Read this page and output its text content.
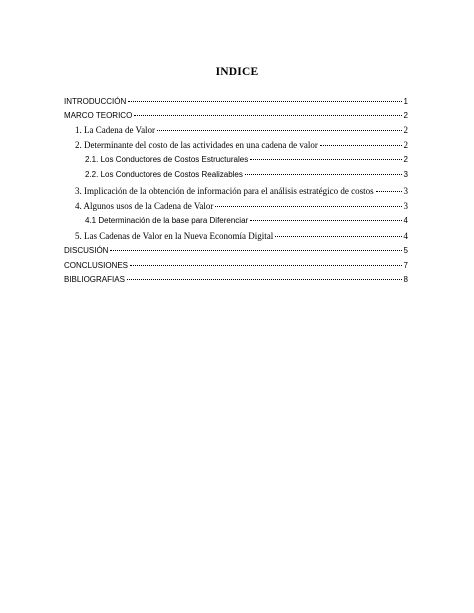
INDICE
INTRODUCCIÓN	1
MARCO TEORICO	2
1. La Cadena de Valor	2
2. Determinante del costo de las actividades en una cadena de valor	2
2.1. Los Conductores de Costos Estructurales	2
2.2. Los Conductores de Costos Realizables	3
3. Implicación de la obtención de información para el análisis estratégico de costos	3
4. Algunos usos de la Cadena de Valor	3
4.1 Determinación de la base para Diferenciar	4
5. Las Cadenas de Valor en la Nueva Economía Digital	4
DISCUSIÓN	5
CONCLUSIONES	7
BIBLIOGRAFIAS	8
